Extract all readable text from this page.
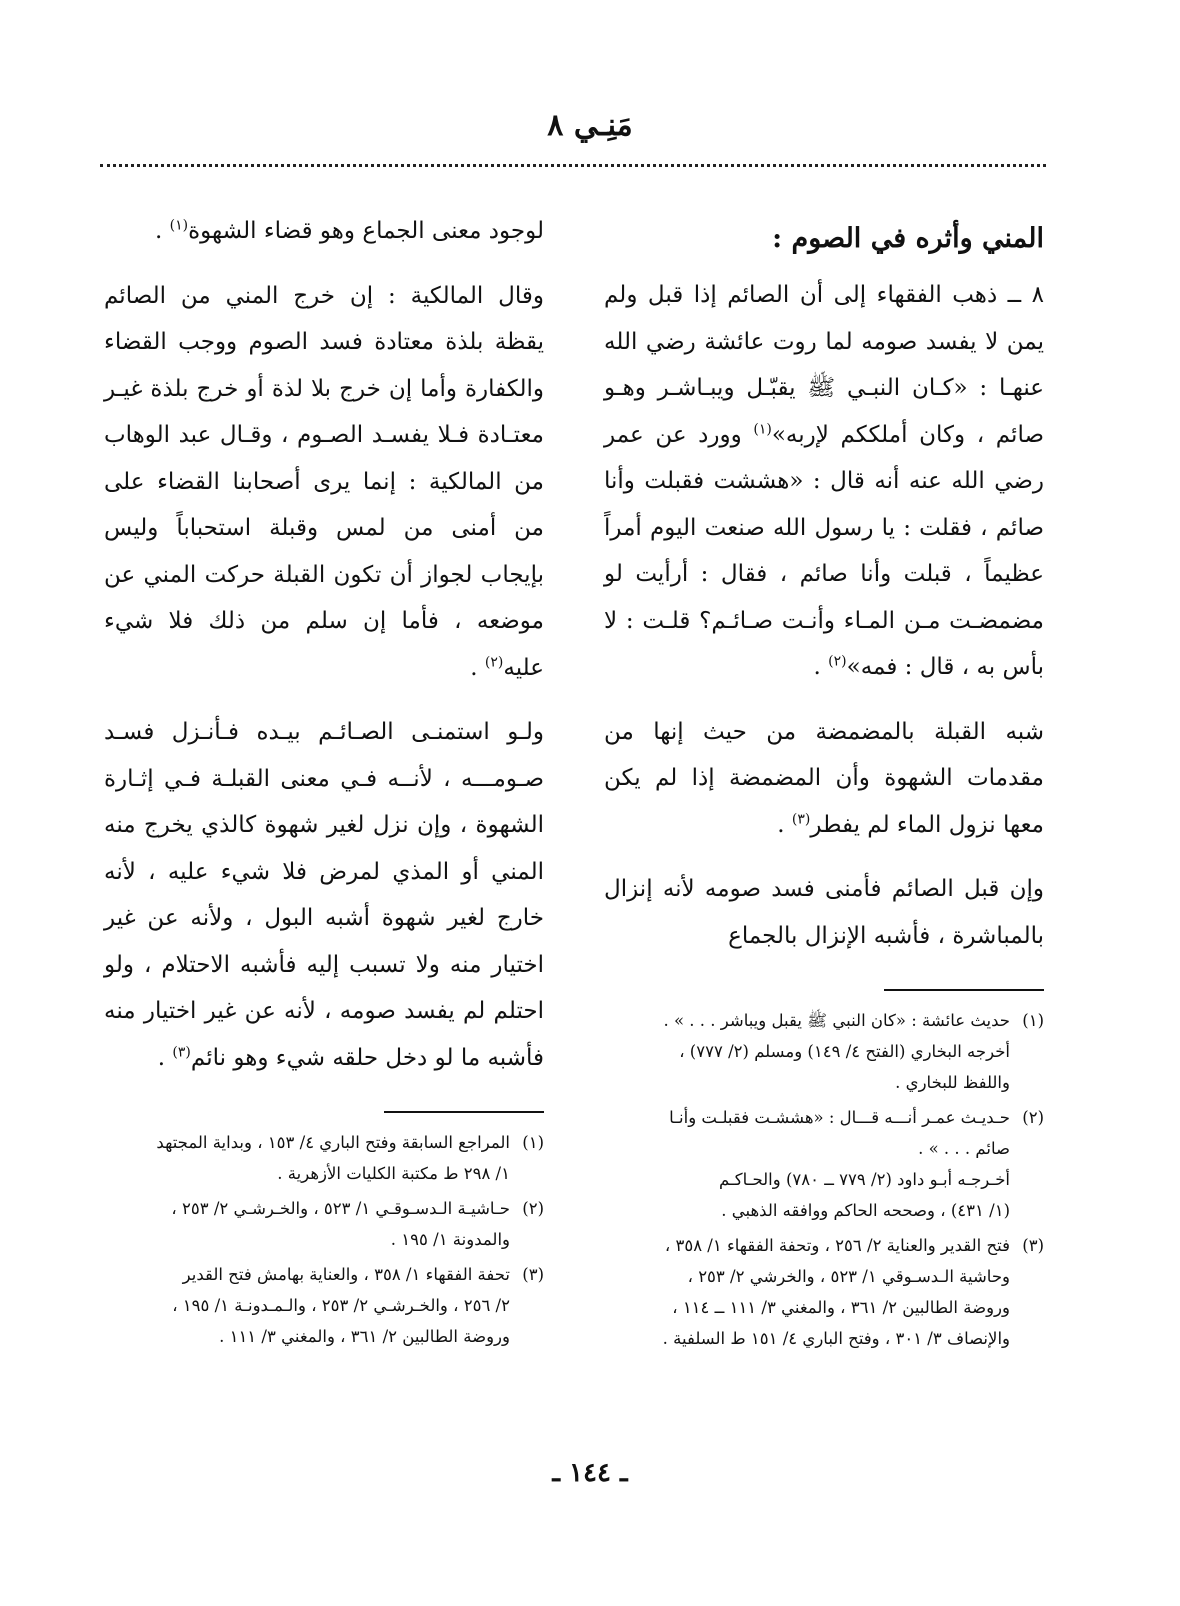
مَنِـي ٨
المني وأثره في الصوم :

٨ ــ ذهب الفقهاء إلى أن الصائم إذا قبل ولم يمن لا يفسد صومه لما روت عائشة رضي الله عنهـا : «كـان النبـي ﷺ يقبّـل ويبـاشـر وهـو صائم ، وكان أملككم لإربه»$^{(١)}$ وورد عن عمر رضي الله عنه أنه قال : «هششت فقبلت وأنا صائم ، فقلت : يا رسول الله صنعت اليوم أمراً عظيماً ، قبلت وأنا صائم ، فقال : أرأيت لو مضمضـت مـن المـاء وأنـت صـائـم؟ قلـت : لا بأس به ، قال : فمه»$^{(٢)}$ .

شبه القبلة بالمضمضة من حيث إنها من مقدمات الشهوة وأن المضمضة إذا لم يكن معها نزول الماء لم يفطر$^{(٣)}$ .

وإن قبل الصائم فأمنى فسد صومه لأنه إنزال بالمباشرة ، فأشبه الإنزال بالجماع

(١)
حديث عائشة : «كان النبي ﷺ يقبل ويباشر . . . » .
أخرجه البخاري (الفتح ٤/ ١٤٩) ومسلم (٢/ ٧٧٧) ،
واللفظ للبخاري .
(٢)
حـديـث عمـر أنـــه قـــال : «هششـت فقبلـت وأنـا
صائم . . . » .
أخـرجـه أبـو داود (٢/ ٧٧٩ ــ ٧٨٠) والحـاكـم
(١/ ٤٣١) ، وصححه الحاكم ووافقه الذهبي .
(٣)
فتح القدير والعناية ٢/ ٢٥٦ ، وتحفة الفقهاء ١/ ٣٥٨ ،
وحاشية الـدسـوقي ١/ ٥٢٣ ، والخرشي ٢/ ٢٥٣ ،
وروضة الطالبين ٢/ ٣٦١ ، والمغني ٣/ ١١١ ــ ١١٤ ،
والإنصاف ٣/ ٣٠١ ، وفتح الباري ٤/ ١٥١ ط السلفية .

لوجود معنى الجماع وهو قضاء الشهوة$^{(١)}$ .

وقال المالكية : إن خرج المني من الصائم يقظة بلذة معتادة فسد الصوم ووجب القضاء والكفارة وأما إن خرج بلا لذة أو خرج بلذة غيـر معتـادة فـلا يفسـد الصـوم ، وقـال عبد الوهاب من المالكية : إنما يرى أصحابنا القضاء على من أمنى من لمس وقبلة استحباباً وليس بإيجاب لجواز أن تكون القبلة حركت المني عن موضعه ، فأما إن سلم من ذلك فلا شيء عليه$^{(٢)}$ .

ولـو استمنـى الصـائـم بيـده فـأنـزل فسـد صـومـــه ، لأنــه فـي معنى القبلـة فـي إثـارة الشهوة ، وإن نزل لغير شهوة كالذي يخرج منه المني أو المذي لمرض فلا شيء عليه ، لأنه خارج لغير شهوة أشبه البول ، ولأنه عن غير اختيار منه ولا تسبب إليه فأشبه الاحتلام ، ولو احتلم لم يفسد صومه ، لأنه عن غير اختيار منه فأشبه ما لو دخل حلقه شيء وهو نائم$^{(٣)}$ .

(١)
المراجع السابقة وفتح الباري ٤/ ١٥٣ ، وبداية المجتهد
١/ ٢٩٨ ط مكتبة الكليات الأزهرية .
(٢)
حـاشيـة الـدسـوقـي ١/ ٥٢٣ ، والخـرشـي ٢/ ٢٥٣ ،
والمدونة ١/ ١٩٥ .
(٣)
تحفة الفقهاء ١/ ٣٥٨ ، والعناية بهامش فتح القدير
٢/ ٢٥٦ ، والخـرشـي ٢/ ٢٥٣ ، والـمـدونـة ١/ ١٩٥ ،
وروضة الطالبين ٢/ ٣٦١ ، والمغني ٣/ ١١١ .
ـ ١٤٤ ـ
